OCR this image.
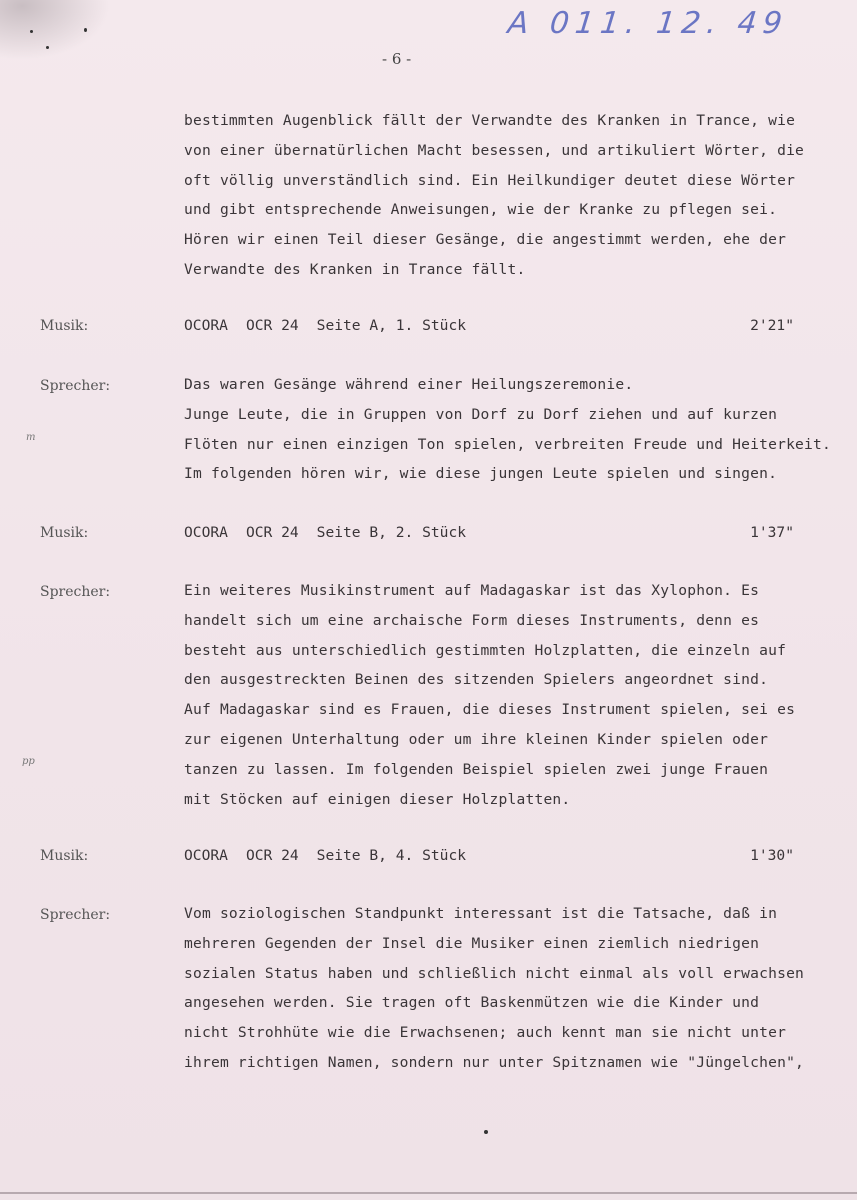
A 011. 12. 49
- 6 -

bestimmten Augenblick fällt der Verwandte des Kranken in Trance, wie

von einer übernatürlichen Macht besessen, und artikuliert Wörter, die

oft völlig unverständlich sind. Ein Heilkundiger deutet diese Wörter

und gibt entsprechende Anweisungen, wie der Kranke zu pflegen sei.

Hören wir einen Teil dieser Gesänge, die angestimmt werden, ehe der

Verwandte des Kranken in Trance fällt.

Musik:	OCORA OCR 24 Seite A, 1. Stück	2'21"
Sprecher:	Das waren Gesänge während einer Heilungszeremonie.

Junge Leute, die in Gruppen von Dorf zu Dorf ziehen und auf kurzen

Flöten nur einen einzigen Ton spielen, verbreiten Freude und Heiterkeit.

Im folgenden hören wir, wie diese jungen Leute spielen und singen.

m
Musik:	OCORA OCR 24 Seite B, 2. Stück	1'37"
Sprecher:	Ein weiteres Musikinstrument auf Madagaskar ist das Xylophon. Es

handelt sich um eine archaische Form dieses Instruments, denn es

besteht aus unterschiedlich gestimmten Holzplatten, die einzeln auf

den ausgestreckten Beinen des sitzenden Spielers angeordnet sind.

Auf Madagaskar sind es Frauen, die dieses Instrument spielen, sei es

zur eigenen Unterhaltung oder um ihre kleinen Kinder spielen oder

tanzen zu lassen. Im folgenden Beispiel spielen zwei junge Frauen

mit Stöcken auf einigen dieser Holzplatten.

pp
Musik:	OCORA OCR 24 Seite B, 4. Stück	1'30"
Sprecher:	Vom soziologischen Standpunkt interessant ist die Tatsache, daß in

mehreren Gegenden der Insel die Musiker einen ziemlich niedrigen

sozialen Status haben und schließlich nicht einmal als voll erwachsen

angesehen werden. Sie tragen oft Baskenmützen wie die Kinder und

nicht Strohhüte wie die Erwachsenen; auch kennt man sie nicht unter

ihrem richtigen Namen, sondern nur unter Spitznamen wie "Jüngelchen",
